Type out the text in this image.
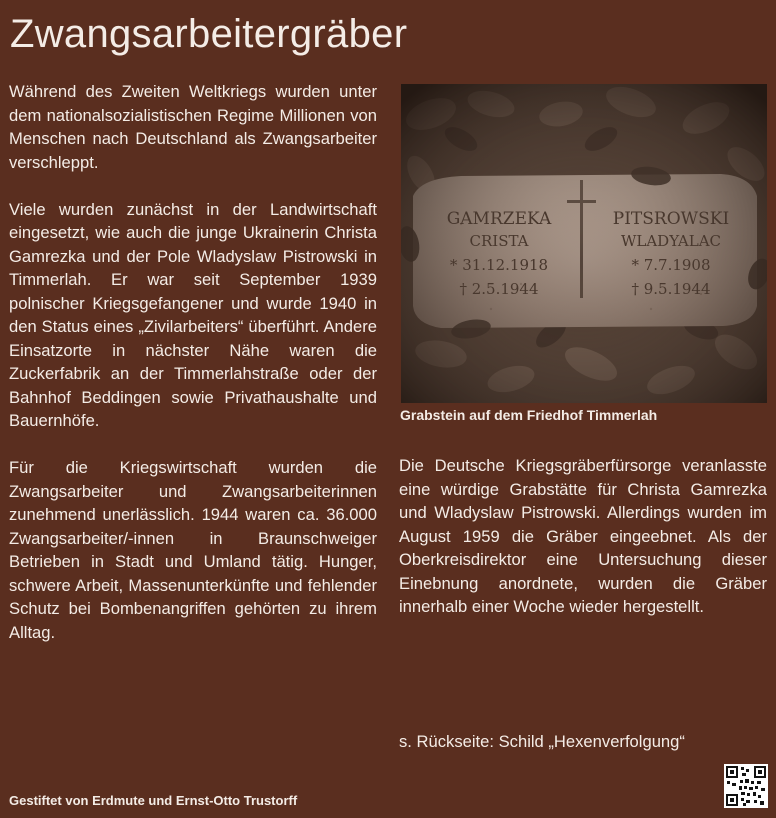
Zwangsarbeitergräber

Während des Zweiten Weltkriegs wurden unter dem nationalsozialistischen Regime Millionen von Menschen nach Deutschland als Zwangsarbeiter verschleppt.

Viele wurden zunächst in der Landwirtschaft eingesetzt, wie auch die junge Ukrainerin Christa Gamrezka und der Pole Wladyslaw Pistrowski in Timmerlah. Er war seit September 1939 polnischer Kriegsgefangener und wurde 1940 in den Status eines „Zivilarbeiters“ überführt. Andere Einsatzorte in nächster Nähe waren die Zuckerfabrik an der Timmerlahstraße oder der Bahnhof Beddingen sowie Privathaushalte und Bauernhöfe.

Für die Kriegswirtschaft wurden die Zwangsarbeiter und Zwangsarbeiterinnen zunehmend unerlässlich. 1944 waren ca. 36.000 Zwangsarbeiter/-innen in Braunschweiger Betrieben in Stadt und Umland tätig. Hunger, schwere Arbeit, Massenunterkünfte und fehlender Schutz bei Bombenangriffen gehörten zu ihrem Alltag.

Grabstein auf dem Friedhof Timmerlah

Die Deutsche Kriegsgräberfürsorge veranlasste eine würdige Grabstätte für Christa Gamrezka und Wladyslaw Pistrowski. Allerdings wurden im August 1959 die Gräber eingeebnet. Als der Oberkreisdirektor eine Untersuchung dieser Einebnung anordnete, wurden die Gräber innerhalb einer Woche wieder hergestellt.

s. Rückseite: Schild „Hexenverfolgung“
Gestiftet von Erdmute und Ernst-Otto Trustorff
